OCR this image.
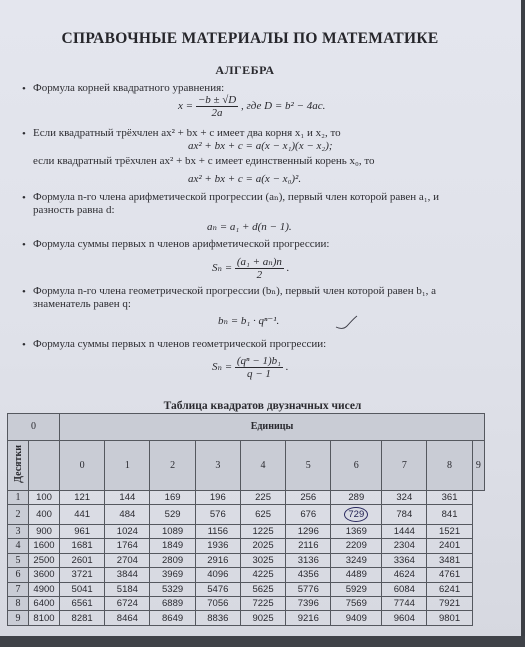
СПРАВОЧНЫЕ МАТЕРИАЛЫ ПО МАТЕМАТИКЕ
АЛГЕБРА
• Формула корней квадратного уравнения:
$x = \frac{-b \pm √D}{2a}$ , где D = b² − 4ac.
• Если квадратный трёхчлен ax² + bx + c имеет два корня x₁ и x₂, то
ax² + bx + c = a(x − x₁)(x − x₂);
если квадратный трёхчлен ax² + bx + c имеет единственный корень x₀, то
ax² + bx + c = a(x − x₀)².
• Формула n-го члена арифметической прогрессии (aₙ), первый член которой равен a₁, и разность равна d:
aₙ = a₁ + d(n − 1).
• Формула суммы первых n членов арифметической прогрессии:
$S_n = \frac{\text{(a₁ + aₙ)n}}{2}$ .
• Формула n-го члена геометрической прогрессии (bₙ), первый член которой равен b₁, а знаменатель равен q:
bₙ = b₁ · qⁿ⁻¹.
• Формула суммы первых n членов геометрической прогрессии:
$S_n = \frac{\text{(qⁿ − 1)b₁}}{q - 1}$ .
Таблица квадратов двузначных чисел
0		Единицы									
Десятки		0	1	2	3	4	5	6	7	8	9
1	100	121	144	169	196	225	256	289	324	361	
2	400	441	484	529	576	625	676	729	784	841	
3	900	961	1024	1089	1156	1225	1296	1369	1444	1521	
4	1600	1681	1764	1849	1936	2025	2116	2209	2304	2401	
5	2500	2601	2704	2809	2916	3025	3136	3249	3364	3481	
6	3600	3721	3844	3969	4096	4225	4356	4489	4624	4761	
7	4900	5041	5184	5329	5476	5625	5776	5929	6084	6241	
8	6400	6561	6724	6889	7056	7225	7396	7569	7744	7921	
9	8100	8281	8464	8649	8836	9025	9216	9409	9604	9801	
